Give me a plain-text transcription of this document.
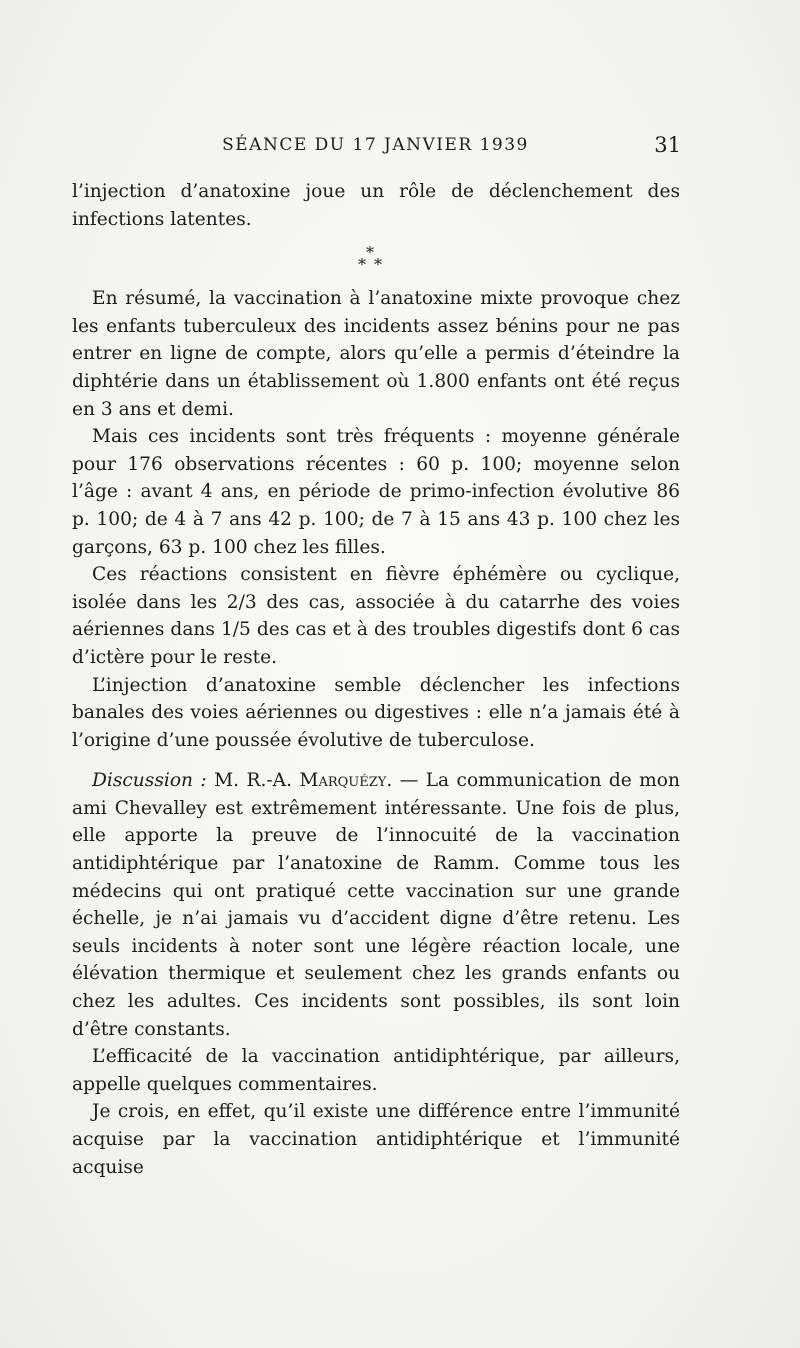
SÉANCE DU 17 JANVIER 1939	31

l’injection d’anatoxine joue un rôle de déclenchement des infections latentes.

*
* *

En résumé, la vaccination à l’anatoxine mixte provoque chez les enfants tuberculeux des incidents assez bénins pour ne pas entrer en ligne de compte, alors qu’elle a permis d’éteindre la diphtérie dans un établissement où 1.800 enfants ont été reçus en 3 ans et demi.

Mais ces incidents sont très fréquents : moyenne générale pour 176 observations récentes : 60 p. 100; moyenne selon l’âge : avant 4 ans, en période de primo-infection évolutive 86 p. 100; de 4 à 7 ans 42 p. 100; de 7 à 15 ans 43 p. 100 chez les garçons, 63 p. 100 chez les filles.

Ces réactions consistent en fièvre éphémère ou cyclique, isolée dans les 2/3 des cas, associée à du catarrhe des voies aériennes dans 1/5 des cas et à des troubles digestifs dont 6 cas d’ictère pour le reste.

L’injection d’anatoxine semble déclencher les infections banales des voies aériennes ou digestives : elle n’a jamais été à l’origine d’une poussée évolutive de tuberculose.

Discussion : M. R.-A. Marquézy. — La communication de mon ami Chevalley est extrêmement intéressante. Une fois de plus, elle apporte la preuve de l’innocuité de la vaccination antidiphtérique par l’anatoxine de Ramm. Comme tous les médecins qui ont pratiqué cette vaccination sur une grande échelle, je n’ai jamais vu d’accident digne d’être retenu. Les seuls incidents à noter sont une légère réaction locale, une élévation thermique et seulement chez les grands enfants ou chez les adultes. Ces incidents sont possibles, ils sont loin d’être constants.

L’efficacité de la vaccination antidiphtérique, par ailleurs, appelle quelques commentaires.

Je crois, en effet, qu’il existe une différence entre l’immunité acquise par la vaccination antidiphtérique et l’immunité acquise
